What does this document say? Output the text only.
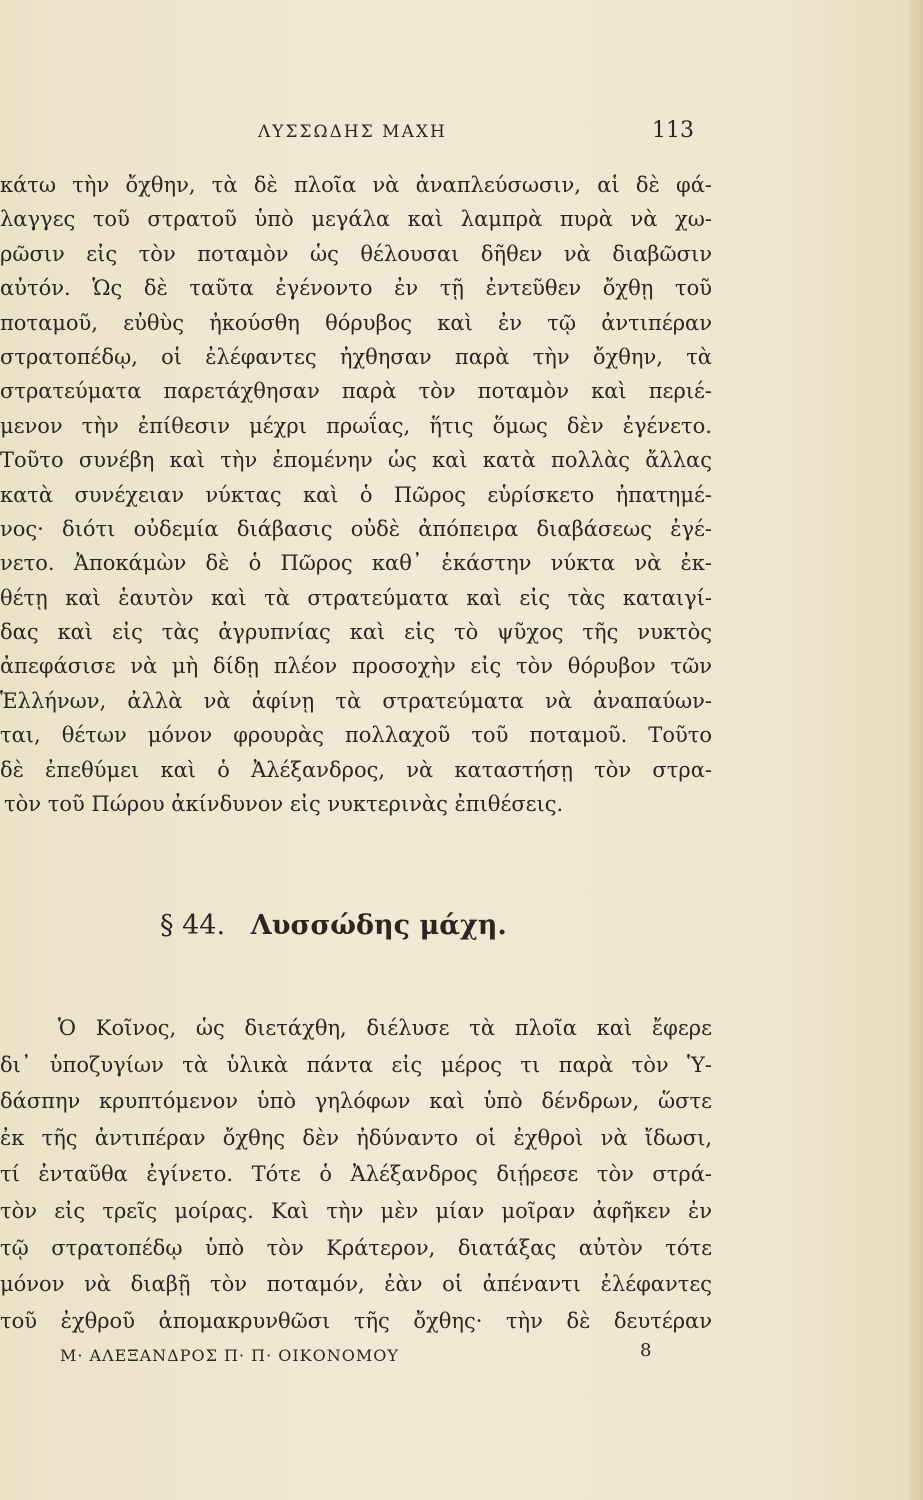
ΛΥΣΣΩΔΗΣ ΜΑΧΗ	113
κάτω τὴν ὄχθην, τὰ δὲ πλοῖα νὰ ἀναπλεύσωσιν, αἱ δὲ φά-
λαγγες τοῦ στρατοῦ ὑπὸ μεγάλα καὶ λαμπρὰ πυρὰ νὰ χω-
ρῶσιν εἰς τὸν ποταμὸν ὡς θέλουσαι δῆθεν νὰ διαβῶσιν
αὐτόν. Ὡς δὲ ταῦτα ἐγένοντο ἐν τῇ ἐντεῦθεν ὄχθῃ τοῦ
ποταμοῦ, εὐθὺς ἠκούσθη θόρυβος καὶ ἐν τῷ ἀντιπέραν
στρατοπέδῳ, οἱ ἐλέφαντες ἠχθησαν παρὰ τὴν ὄχθην, τὰ
στρατεύματα παρετάχθησαν παρὰ τὸν ποταμὸν καὶ περιέ-
μενον τὴν ἐπίθεσιν μέχρι πρωΐας, ἥτις ὅμως δὲν ἐγένετο.
Τοῦτο συνέβη καὶ τὴν ἐπομένην ὡς καὶ κατὰ πολλὰς ἄλλας
κατὰ συνέχειαν νύκτας καὶ ὁ Πῶρος εὑρίσκετο ἠπατημέ-
νος· διότι οὐδεμία διάβασις οὐδὲ ἀπόπειρα διαβάσεως ἐγέ-
νετο. Ἀποκάμὼν δὲ ὁ Πῶρος καθ᾽ ἑκάστην νύκτα νὰ ἐκ-
θέτῃ καὶ ἑαυτὸν καὶ τὰ στρατεύματα καὶ εἰς τὰς καταιγί-
δας καὶ εἰς τὰς ἀγρυπνίας καὶ εἰς τὸ ψῦχος τῆς νυκτὸς
ἀπεφάσισε νὰ μὴ δίδῃ πλέον προσοχὴν εἰς τὸν θόρυβον τῶν
Ἑλλήνων, ἀλλὰ νὰ ἀφίνῃ τὰ στρατεύματα νὰ ἀναπαύων-
ται, θέτων μόνον φρουρὰς πολλαχοῦ τοῦ ποταμοῦ. Τοῦτο
δὲ ἐπεθύμει καὶ ὁ Ἀλέξανδρος, νὰ καταστήσῃ τὸν στρα-
τὸν τοῦ Πώρου ἀκίνδυνον εἰς νυκτερινὰς ἐπιθέσεις.
§ 44. Λυσσώδης μάχη.
Ὁ Κοῖνος, ὡς διετάχθη, διέλυσε τὰ πλοῖα καὶ ἔφερε
δι᾽ ὑποζυγίων τὰ ὑλικὰ πάντα εἰς μέρος τι παρὰ τὸν Ὑ-
δάσπην κρυπτόμενον ὑπὸ γηλόφων καὶ ὑπὸ δένδρων, ὥστε
ἐκ τῆς ἀντιπέραν ὄχθης δὲν ἠδύναντο οἱ ἐχθροὶ νὰ ἴδωσι,
τί ἐνταῦθα ἐγίνετο. Τότε ὁ Ἀλέξανδρος διῄρεσε τὸν στρά-
τὸν εἰς τρεῖς μοίρας. Καὶ τὴν μὲν μίαν μοῖραν ἀφῆκεν ἐν
τῷ στρατοπέδῳ ὑπὸ τὸν Κράτερον, διατάξας αὐτὸν τότε
μόνον νὰ διαβῇ τὸν ποταμόν, ἐὰν οἱ ἀπέναντι ἐλέφαντες
τοῦ ἐχθροῦ ἀπομακρυνθῶσι τῆς ὄχθης· τὴν δὲ δευτέραν
Μ· ΑΛΕΞΑΝΔΡΟΣ Π· Π· ΟΙΚΟΝΟΜΟΥ	8
